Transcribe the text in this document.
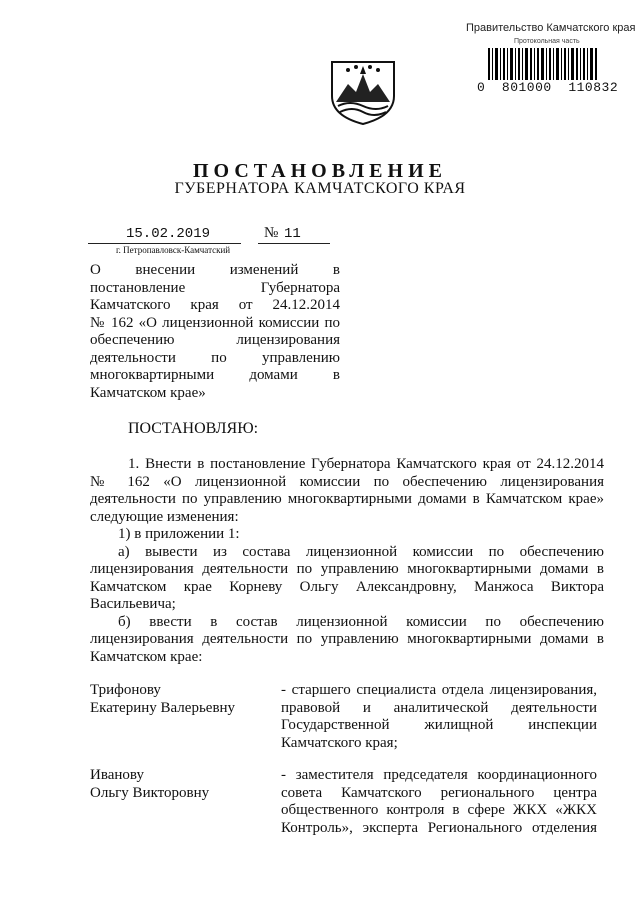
Правительство Камчатского края
Протокольная часть
0  801000  110832
ПОСТАНОВЛЕНИЕ
ГУБЕРНАТОРА КАМЧАТСКОГО КРАЯ
15.02.2019	№ 11
г. Петропавловск-Камчатский
О внесении изменений в
постановление Губернатора
Камчатского края от 24.12.2014
№ 162 «О лицензионной комиссии по
обеспечению лицензирования
деятельности по управлению
многоквартирными домами в
Камчатском крае»
ПОСТАНОВЛЯЮ:
1. Внести в постановление Губернатора Камчатского края от 24.12.2014
№ 162 «О лицензионной комиссии по обеспечению лицензирования
деятельности по управлению многоквартирными домами в Камчатском крае»
следующие изменения:
1) в приложении 1:
а) вывести из состава лицензионной комиссии по обеспечению
лицензирования деятельности по управлению многоквартирными домами в
Камчатском крае Корневу Ольгу Александровну, Манжоса Виктора
Васильевича;
б) ввести в состав лицензионной комиссии по обеспечению
лицензирования деятельности по управлению многоквартирными домами в
Камчатском крае:
Трифонову
Екатерину Валерьевну
- старшего специалиста отдела лицензирования,
правовой и аналитической деятельности
Государственной жилищной инспекции
Камчатского края;
Иванову
Ольгу Викторовну
- заместителя председателя координационного
совета Камчатского регионального центра
общественного контроля в сфере ЖКХ «ЖКХ
Контроль», эксперта Регионального отделения
